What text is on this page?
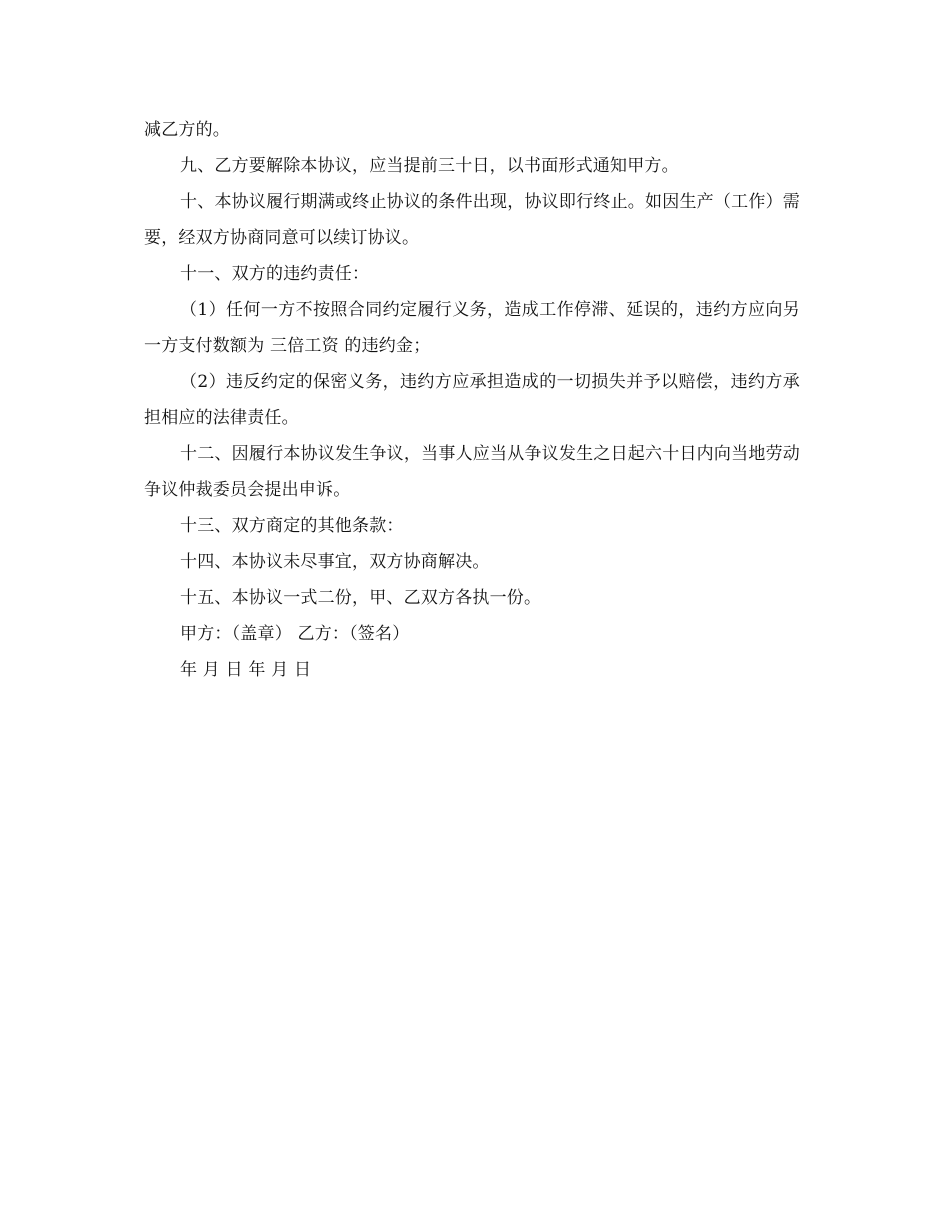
减乙方的。

九、乙方要解除本协议，应当提前三十日，以书面形式通知甲方。

十、本协议履行期满或终止协议的条件出现，协议即行终止。如因生产（工作）需要，经双方协商同意可以续订协议。

十一、双方的违约责任：

（1）任何一方不按照合同约定履行义务，造成工作停滞、延误的，违约方应向另一方支付数额为 三倍工资 的违约金；

（2）违反约定的保密义务，违约方应承担造成的一切损失并予以赔偿，违约方承担相应的法律责任。

十二、因履行本协议发生争议，当事人应当从争议发生之日起六十日内向当地劳动争议仲裁委员会提出申诉。

十三、双方商定的其他条款：

十四、本协议未尽事宜，双方协商解决。

十五、本协议一式二份，甲、乙双方各执一份。

甲方：（盖章） 乙方：（签名）

年 月 日 年 月 日
